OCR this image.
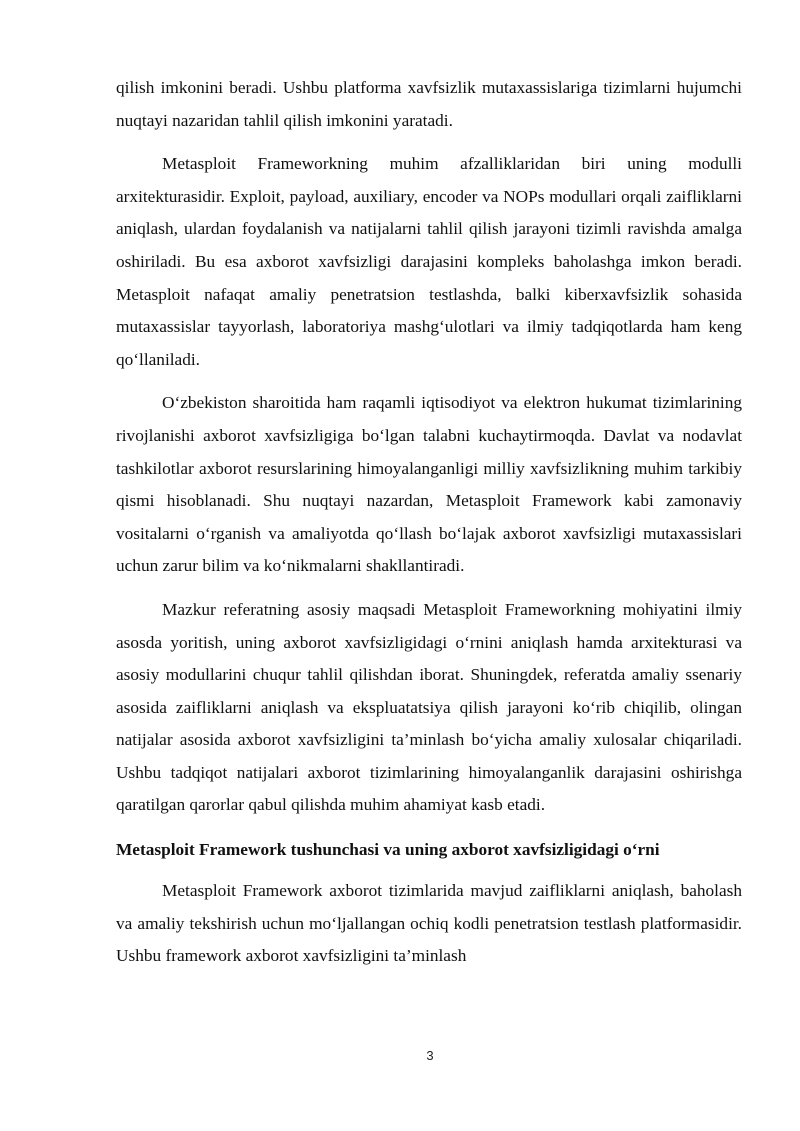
qilish imkonini beradi. Ushbu platforma xavfsizlik mutaxassislariga tizimlarni hujumchi nuqtayi nazaridan tahlil qilish imkonini yaratadi.

Metasploit Frameworkning muhim afzalliklaridan biri uning modulli arxitekturasidir. Exploit, payload, auxiliary, encoder va NOPs modullari orqali zaifliklarni aniqlash, ulardan foydalanish va natijalarni tahlil qilish jarayoni tizimli ravishda amalga oshiriladi. Bu esa axborot xavfsizligi darajasini kompleks baholashga imkon beradi. Metasploit nafaqat amaliy penetratsion testlashda, balki kiberxavfsizlik sohasida mutaxassislar tayyorlash, laboratoriya mashg‘ulotlari va ilmiy tadqiqotlarda ham keng qo‘llaniladi.

O‘zbekiston sharoitida ham raqamli iqtisodiyot va elektron hukumat tizimlarining rivojlanishi axborot xavfsizligiga bo‘lgan talabni kuchaytirmoqda. Davlat va nodavlat tashkilotlar axborot resurslarining himoyalanganligi milliy xavfsizlikning muhim tarkibiy qismi hisoblanadi. Shu nuqtayi nazardan, Metasploit Framework kabi zamonaviy vositalarni o‘rganish va amaliyotda qo‘llash bo‘lajak axborot xavfsizligi mutaxassislari uchun zarur bilim va ko‘nikmalarni shakllantiradi.

Mazkur referatning asosiy maqsadi Metasploit Frameworkning mohiyatini ilmiy asosda yoritish, uning axborot xavfsizligidagi o‘rnini aniqlash hamda arxitekturasi va asosiy modullarini chuqur tahlil qilishdan iborat. Shuningdek, referatda amaliy ssenariy asosida zaifliklarni aniqlash va ekspluatatsiya qilish jarayoni ko‘rib chiqilib, olingan natijalar asosida axborot xavfsizligini ta’minlash bo‘yicha amaliy xulosalar chiqariladi. Ushbu tadqiqot natijalari axborot tizimlarining himoyalanganlik darajasini oshirishga qaratilgan qarorlar qabul qilishda muhim ahamiyat kasb etadi.

Metasploit Framework tushunchasi va uning axborot xavfsizligidagi o‘rni

Metasploit Framework axborot tizimlarida mavjud zaifliklarni aniqlash, baholash va amaliy tekshirish uchun mo‘ljallangan ochiq kodli penetratsion testlash platformasidir. Ushbu framework axborot xavfsizligini ta’minlash

3
